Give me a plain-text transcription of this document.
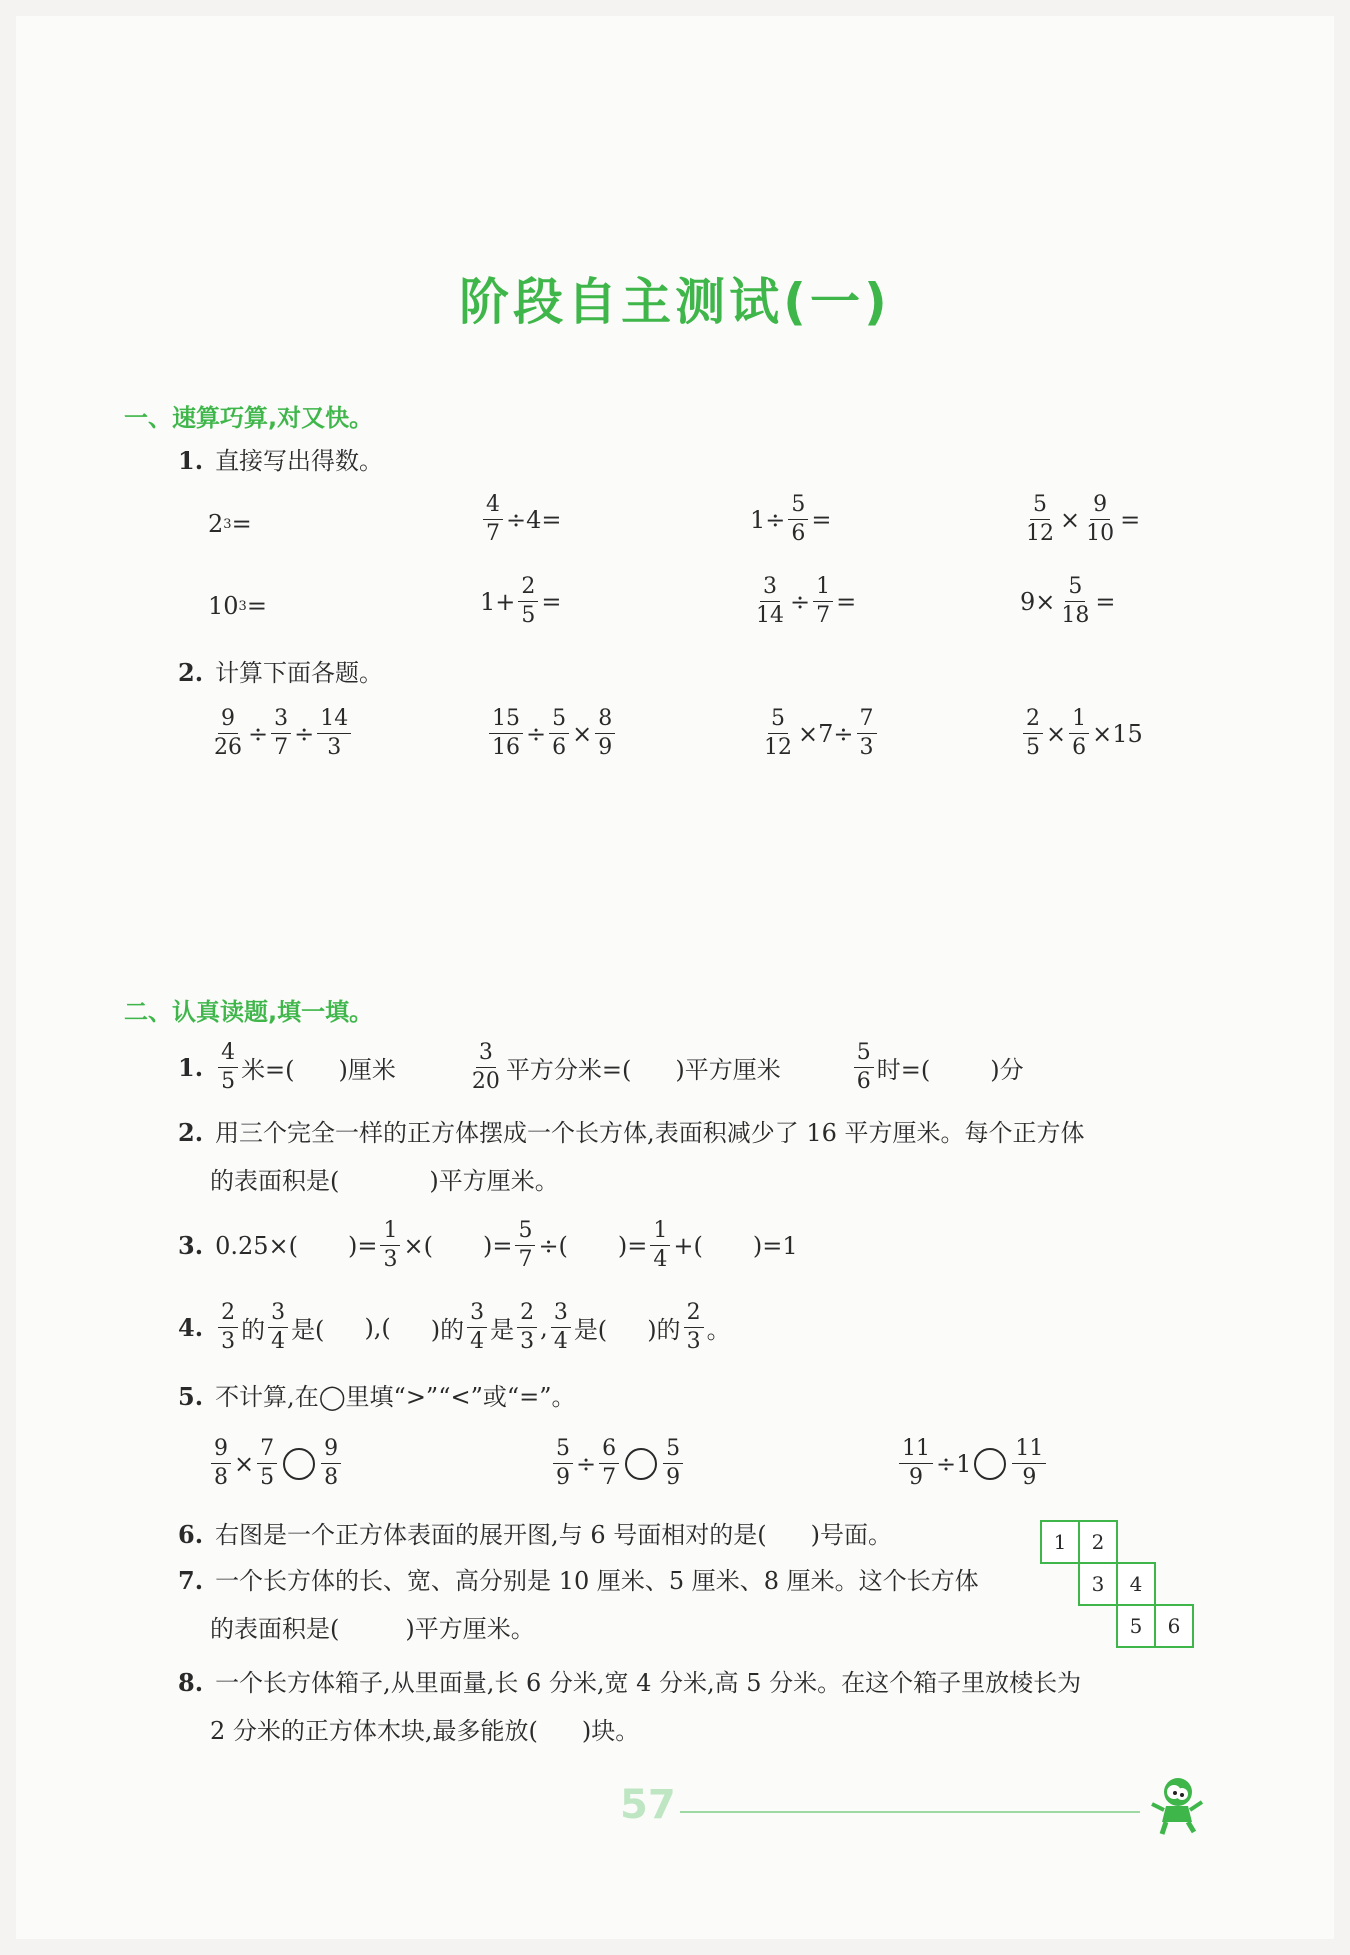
阶段自主测试(一)
一、速算巧算,对又快。
1. 直接写出得数。
2 3 =	$\frac{4}{7} \div 4=$	$1\div \frac{5}{6}$ =	$\frac{5}{12} \times \frac{9}{10}$ =
10 3 =	$1+ \frac{2}{5}$ =	$\frac{3}{14} \div \frac{1}{7}$ =	$9\times \frac{5}{18}$ =
2. 计算下面各题。
$\frac{9}{26} \div \frac{3}{7} \div \frac{14}{3}$	$\frac{15}{16} \div \frac{5}{6} \times \frac{8}{9}$	$\frac{5}{12} \times 7\div \frac{7}{3}$	$\frac{2}{5} \times \frac{1}{6} \times 15$
二、认真读题,填一填。
1. $\frac{4}{5}$ 米=( )厘米	$\frac{3}{20}$ 平方分米=( )平方厘米	$\frac{5}{6}$ 时=(	)分
2. 用三个完全一样的正方体摆成一个长方体,表面积减少了 16 平方厘米。每个正方体
的表面积是(	)平方厘米。
3. 0.25×( )= $\frac{1}{3}$ ×( )= $\frac{5}{7}$ ÷( )= $\frac{1}{4}$ +( )=1
4. $\frac{2}{3}$ 的 $\frac{3}{4}$ 是( ),( )的 $\frac{3}{4}$ 是 $\frac{2}{3}$ , $\frac{3}{4}$ 是( )的 $\frac{2}{3}$ 。
5. 不计算,在◯里填“>”“<”或“=”。
$\frac{9}{8} \times \frac{7}{5} \frac{9}{8}$	$\frac{5}{9} \div \frac{6}{7} \frac{5}{9}$	$\frac{11}{9} \div 1 \frac{11}{9}$
6. 右图是一个正方体表面的展开图,与 6 号面相对的是( )号面。
7. 一个长方体的长、宽、高分别是 10 厘米、5 厘米、8 厘米。这个长方体
的表面积是(	)平方厘米。
1	2
3	4
5	6
8. 一个长方体箱子,从里面量,长 6 分米,宽 4 分米,高 5 分米。在这个箱子里放棱长为
2 分米的正方体木块,最多能放( )块。
57
